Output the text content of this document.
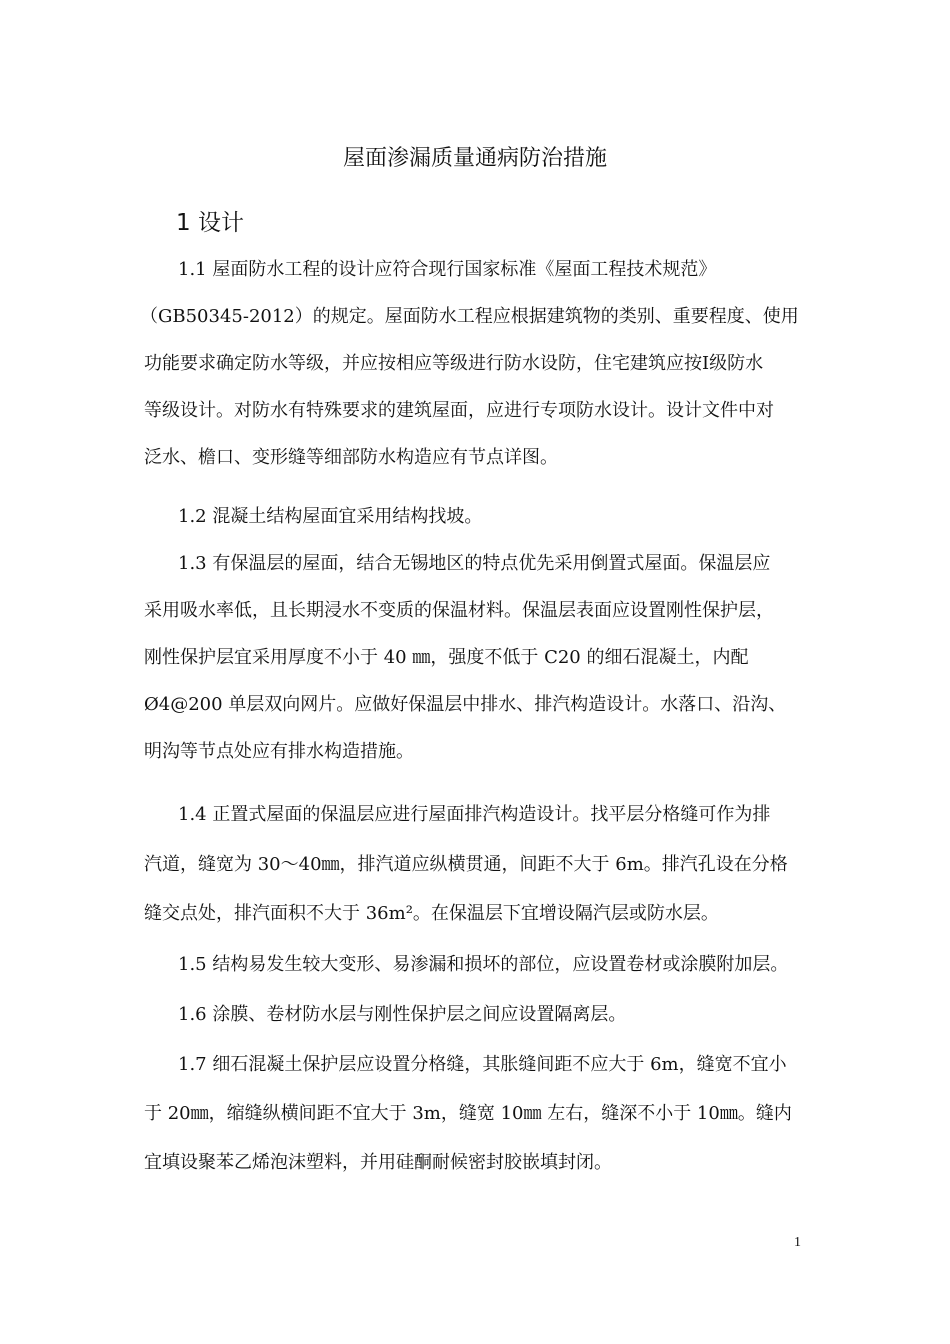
屋面渗漏质量通病防治措施
1 设计
1.1 屋面防水工程的设计应符合现行国家标准《屋面工程技术规范》
（GB50345-2012）的规定。屋面防水工程应根据建筑物的类别、重要程度、使用
功能要求确定防水等级，并应按相应等级进行防水设防，住宅建筑应按Ⅰ级防水
等级设计。对防水有特殊要求的建筑屋面，应进行专项防水设计。设计文件中对
泛水、檐口、变形缝等细部防水构造应有节点详图。
1.2 混凝土结构屋面宜采用结构找坡。
1.3 有保温层的屋面，结合无锡地区的特点优先采用倒置式屋面。保温层应
采用吸水率低，且长期浸水不变质的保温材料。保温层表面应设置刚性保护层，
刚性保护层宜采用厚度不小于 40 ㎜，强度不低于 C20 的细石混凝土，内配
Ø4@200 单层双向网片。应做好保温层中排水、排汽构造设计。水落口、沿沟、
明沟等节点处应有排水构造措施。
1.4 正置式屋面的保温层应进行屋面排汽构造设计。找平层分格缝可作为排
汽道，缝宽为 30～40㎜，排汽道应纵横贯通，间距不大于 6m。排汽孔设在分格
缝交点处，排汽面积不大于 36m²。在保温层下宜增设隔汽层或防水层。
1.5 结构易发生较大变形、易渗漏和损坏的部位，应设置卷材或涂膜附加层。
1.6 涂膜、卷材防水层与刚性保护层之间应设置隔离层。
1.7 细石混凝土保护层应设置分格缝，其胀缝间距不应大于 6m，缝宽不宜小
于 20㎜，缩缝纵横间距不宜大于 3m，缝宽 10㎜ 左右，缝深不小于 10㎜。缝内
宜填设聚苯乙烯泡沫塑料，并用硅酮耐候密封胶嵌填封闭。
1
